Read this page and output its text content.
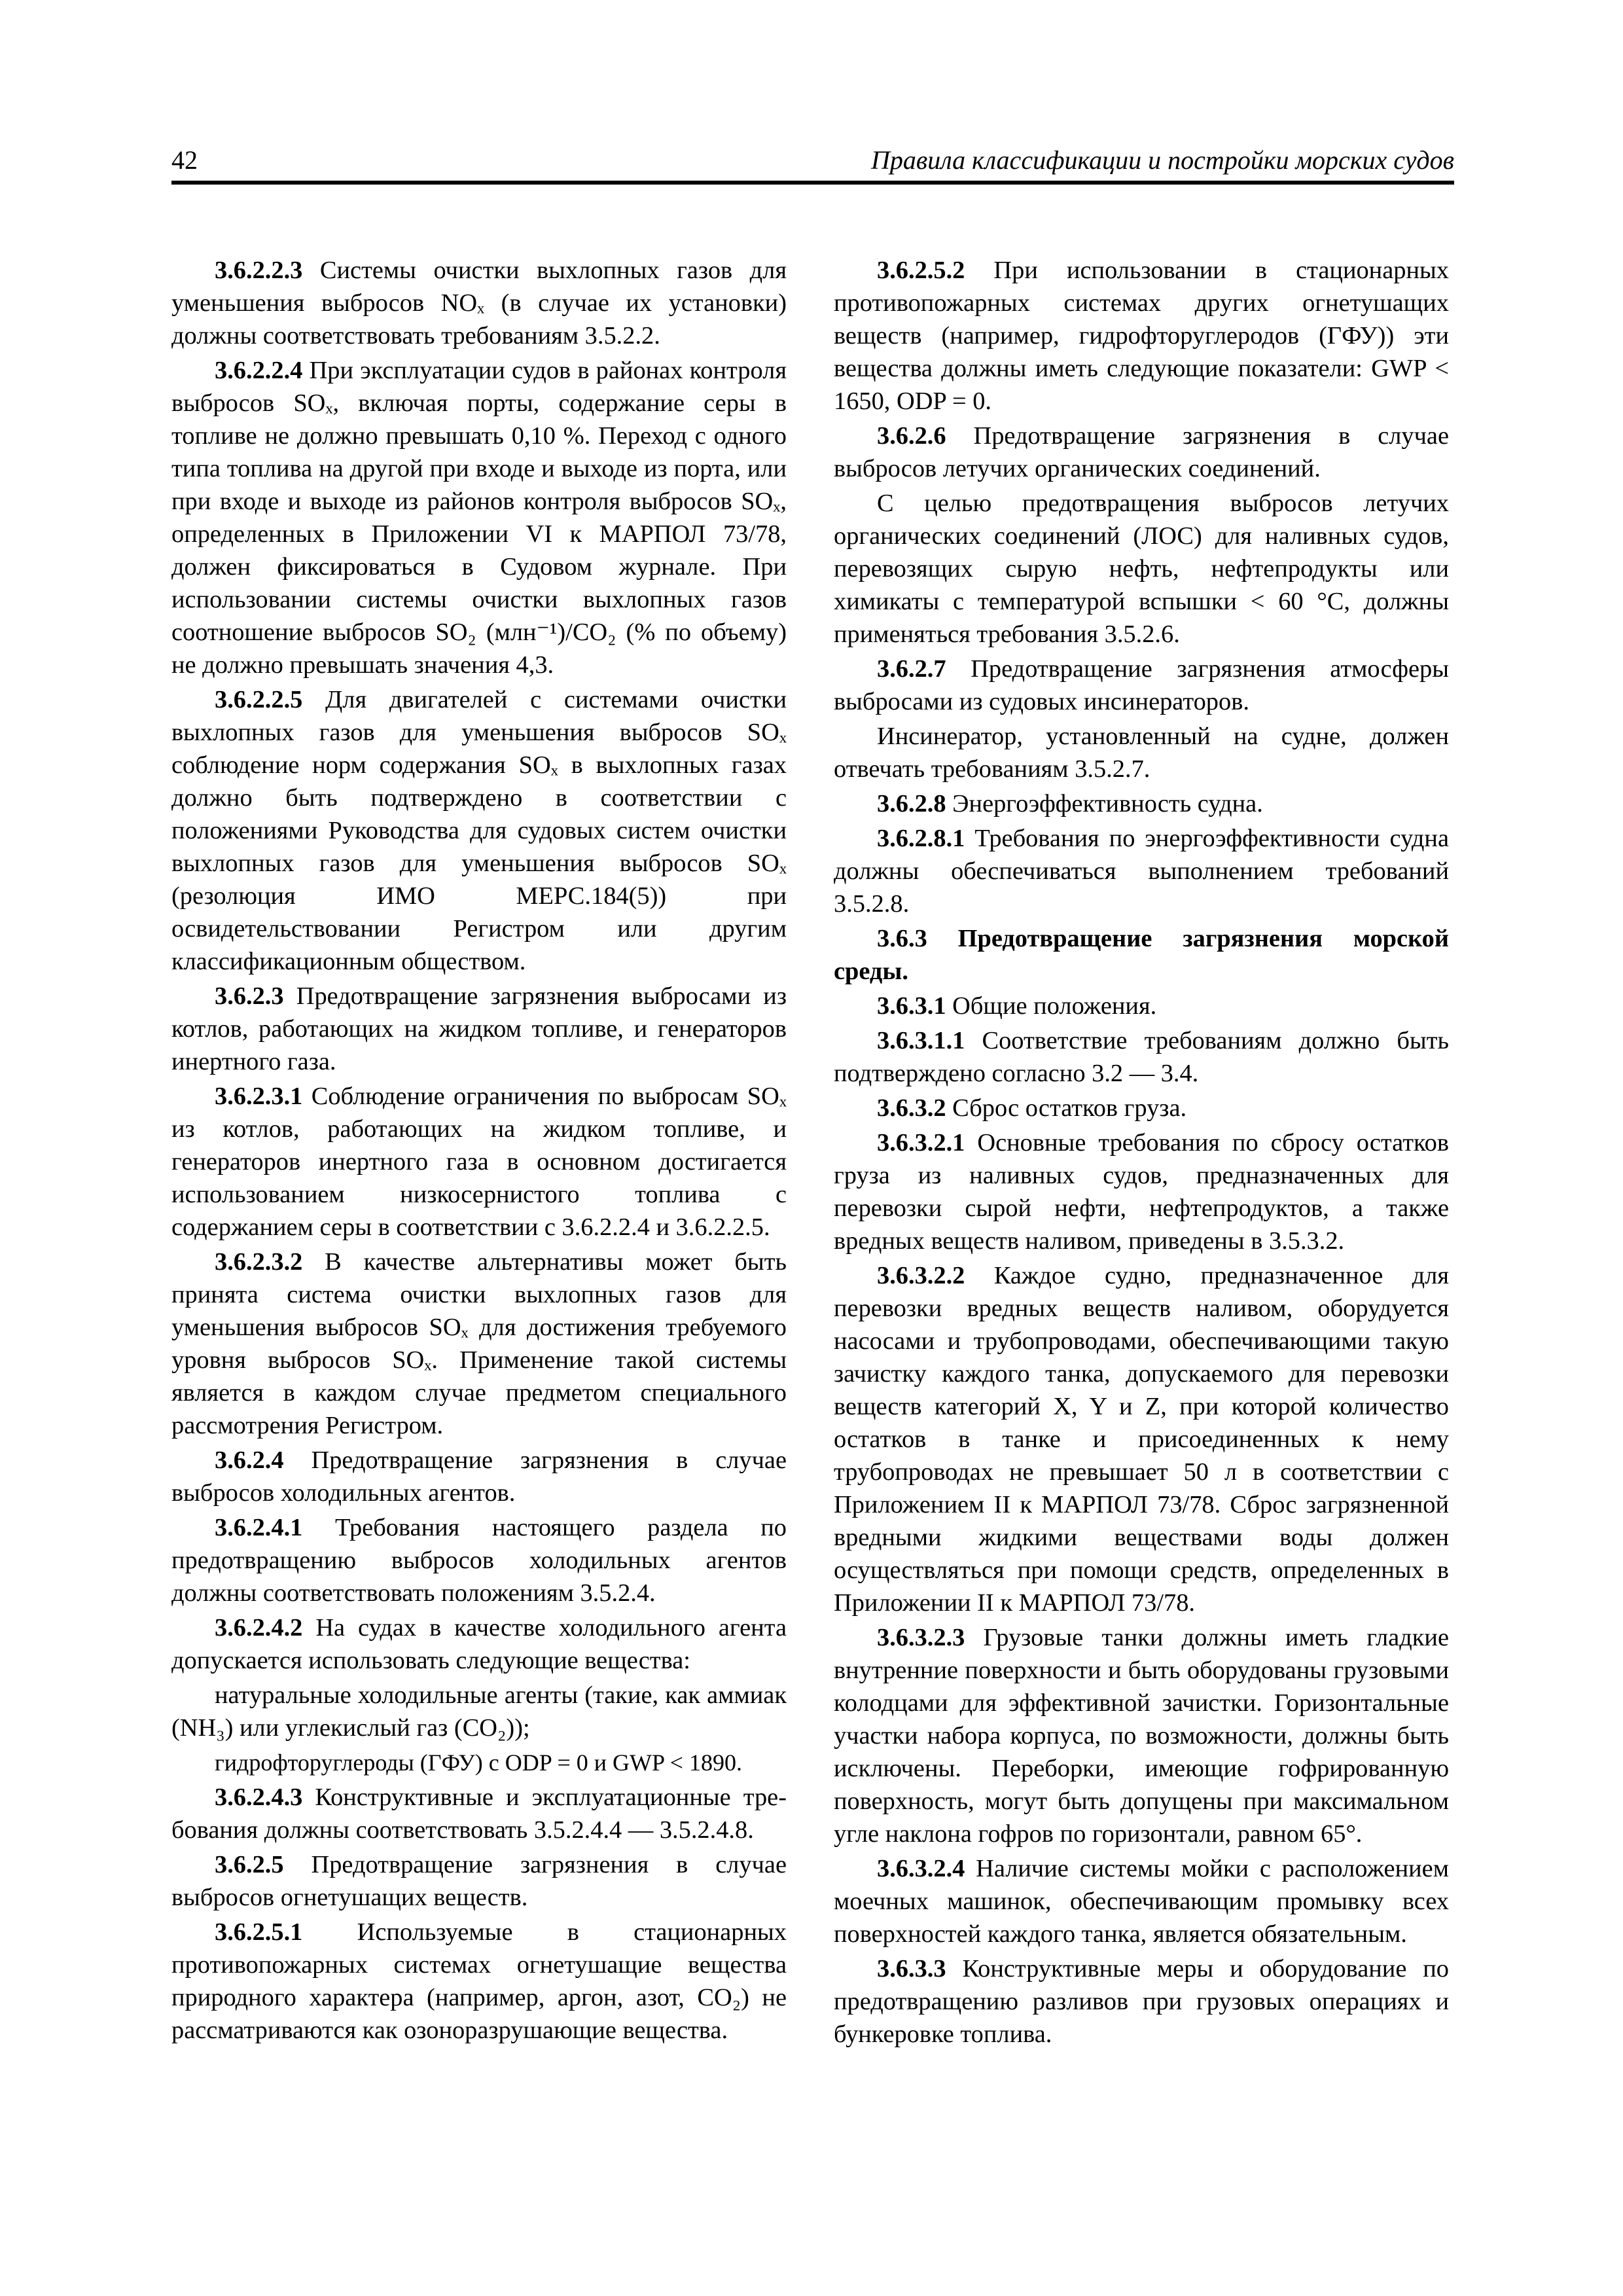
42	Правила классификации и постройки морских судов

3.6.2.2.3 Системы очистки выхлопных газов для уменьшения выбросов NOₓ (в случае их установки) должны соответствовать требованиям 3.5.2.2.

3.6.2.2.4 При эксплуатации судов в районах контроля выбросов SOₓ, включая порты, содержание серы в топливе не должно превышать 0,10 %. Переход с одного типа топлива на другой при входе и выходе из порта, или при входе и выходе из районов контроля выбросов SOₓ, определенных в Приложении VI к МАРПОЛ 73/78, должен фиксироваться в Судовом журнале. При использовании системы очистки выхлопных газов соотношение выбросов SO₂ (млн⁻¹)/CO₂ (% по объему) не должно превышать значения 4,3.

3.6.2.2.5 Для двигателей с системами очистки выхлопных газов для уменьшения выбросов SOₓ соблюдение норм содержания SOₓ в выхлопных газах должно быть подтверждено в соответствии с положениями Руководства для судовых систем очистки выхлопных газов для уменьшения выбросов SOₓ (резолюция ИМО МЕРС.184(5)) при освидетельствовании Регистром или другим классификационным обществом.

3.6.2.3 Предотвращение загрязнения выбросами из котлов, работающих на жидком топливе, и генераторов инертного газа.

3.6.2.3.1 Соблюдение ограничения по выбросам SOₓ из котлов, работающих на жидком топливе, и генераторов инертного газа в основном достигается использованием низкосернистого топлива с содержанием серы в соответствии с 3.6.2.2.4 и 3.6.2.2.5.

3.6.2.3.2 В качестве альтернативы может быть принята система очистки выхлопных газов для уменьшения выбросов SOₓ для достижения требуемого уровня выбросов SOₓ. Применение такой системы является в каждом случае предметом специального рассмотрения Регистром.

3.6.2.4 Предотвращение загрязнения в случае выбросов холодильных агентов.

3.6.2.4.1 Требования настоящего раздела по предотвращению выбросов холодильных агентов должны соответствовать положениям 3.5.2.4.

3.6.2.4.2 На судах в качестве холодильного агента допускается использовать следующие вещества:

натуральные холодильные агенты (такие, как аммиак (NH₃) или углекислый газ (CO₂));

гидрофторуглероды (ГФУ) с ODP = 0 и GWP < 1890.

3.6.2.4.3 Конструктивные и эксплуатационные тре-бования должны соответствовать 3.5.2.4.4 — 3.5.2.4.8.

3.6.2.5 Предотвращение загрязнения в случае выбросов огнетушащих веществ.

3.6.2.5.1 Используемые в стационарных противопожарных системах огнетушащие вещества природного характера (например, аргон, азот, CO₂) не рассматриваются как озоноразрушающие вещества.

3.6.2.5.2 При использовании в стационарных противопожарных системах других огнетушащих веществ (например, гидрофторуглеродов (ГФУ)) эти вещества должны иметь следующие показатели: GWP < 1650, ODP = 0.

3.6.2.6 Предотвращение загрязнения в случае выбросов летучих органических соединений.

С целью предотвращения выбросов летучих органических соединений (ЛОС) для наливных судов, перевозящих сырую нефть, нефтепродукты или химикаты с температурой вспышки < 60 °C, должны применяться требования 3.5.2.6.

3.6.2.7 Предотвращение загрязнения атмосферы выбросами из судовых инсинераторов.

Инсинератор, установленный на судне, должен отвечать требованиям 3.5.2.7.

3.6.2.8 Энергоэффективность судна.

3.6.2.8.1 Требования по энергоэффективности судна должны обеспечиваться выполнением требований 3.5.2.8.

3.6.3 Предотвращение загрязнения морской среды.

3.6.3.1 Общие положения.

3.6.3.1.1 Соответствие требованиям должно быть подтверждено согласно 3.2 — 3.4.

3.6.3.2 Сброс остатков груза.

3.6.3.2.1 Основные требования по сбросу остатков груза из наливных судов, предназначенных для перевозки сырой нефти, нефтепродуктов, а также вредных веществ наливом, приведены в 3.5.3.2.

3.6.3.2.2 Каждое судно, предназначенное для перевозки вредных веществ наливом, оборудуется насосами и трубопроводами, обеспечивающими такую зачистку каждого танка, допускаемого для перевозки веществ категорий X, Y и Z, при которой количество остатков в танке и присоединенных к нему трубопроводах не превышает 50 л в соответствии с Приложением II к МАРПОЛ 73/78. Сброс загрязненной вредными жидкими веществами воды должен осуществляться при помощи средств, определенных в Приложении II к МАРПОЛ 73/78.

3.6.3.2.3 Грузовые танки должны иметь гладкие внутренние поверхности и быть оборудованы грузовыми колодцами для эффективной зачистки. Горизонтальные участки набора корпуса, по возможности, должны быть исключены. Переборки, имеющие гофрированную поверхность, могут быть допущены при максимальном угле наклона гофров по горизонтали, равном 65°.

3.6.3.2.4 Наличие системы мойки с расположением моечных машинок, обеспечивающим промывку всех поверхностей каждого танка, является обязательным.

3.6.3.3 Конструктивные меры и оборудование по предотвращению разливов при грузовых операциях и бункеровке топлива.
